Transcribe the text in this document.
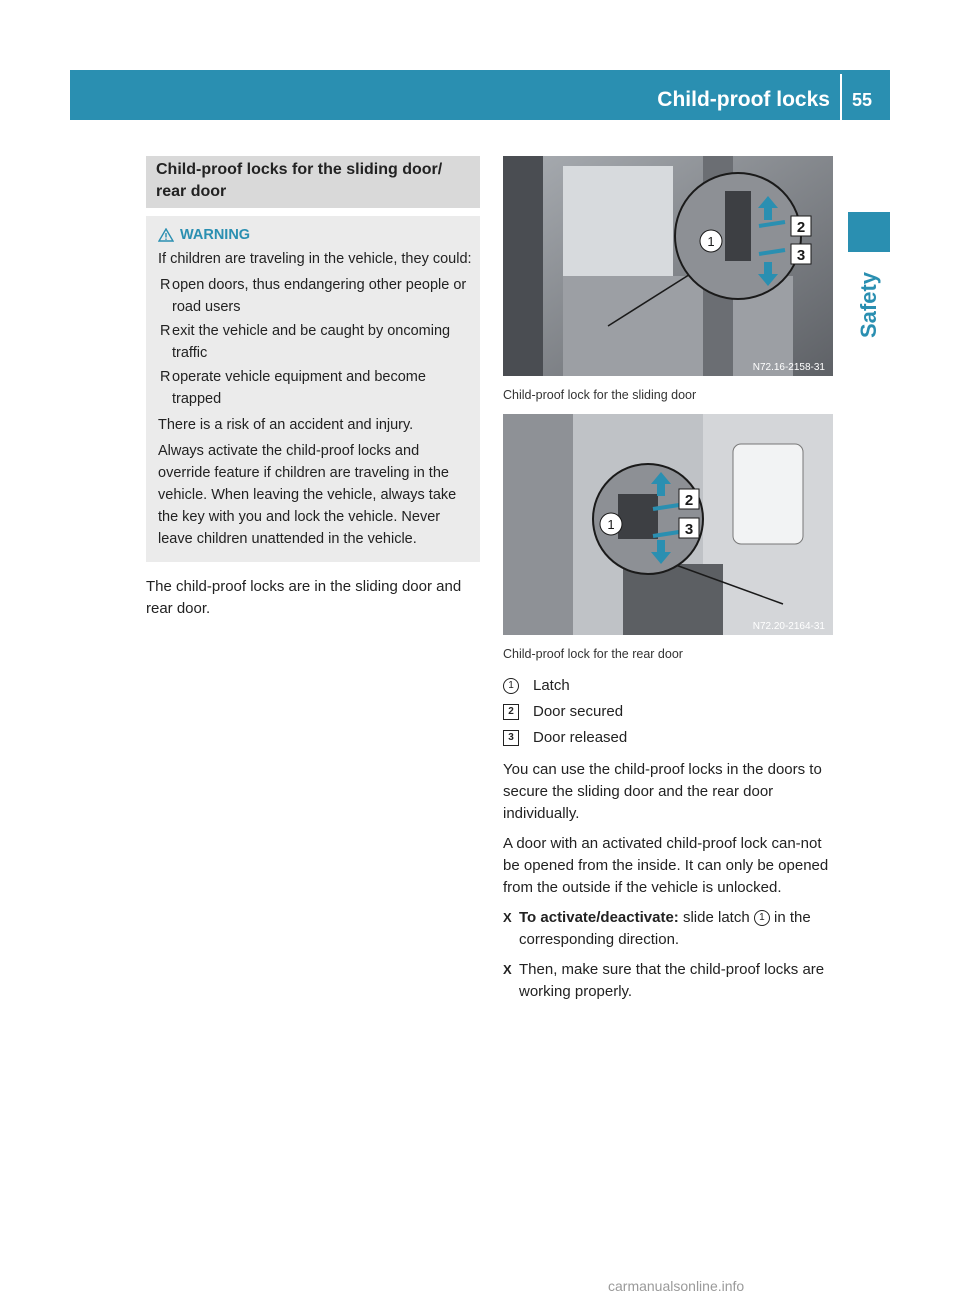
Child-proof locks 55
Safety
Child-proof locks for the sliding door/ rear door
WARNING

If children are traveling in the vehicle, they could:

R open doors, thus endangering other people or road users
R exit the vehicle and be caught by oncoming traffic
R operate vehicle equipment and become trapped

There is a risk of an accident and injury.

Always activate the child-proof locks and override feature if children are traveling in the vehicle. When leaving the vehicle, always take the key with you and lock the vehicle. Never leave children unattended in the vehicle.

The child-proof locks are in the sliding door and rear door.
1
2
3
N72.16-2158-31
Child-proof lock for the sliding door
1
2
3
N72.20-2164-31
Child-proof lock for the rear door
1	Latch
2	Door secured
3	Door released

You can use the child-proof locks in the doors to secure the sliding door and the rear door individually.

A door with an activated child-proof lock can-not be opened from the inside. It can only be opened from the outside if the vehicle is unlocked.

X To activate/deactivate: slide latch 1 in the corresponding direction.
X Then, make sure that the child-proof locks are working properly.
carmanualsonline.info
